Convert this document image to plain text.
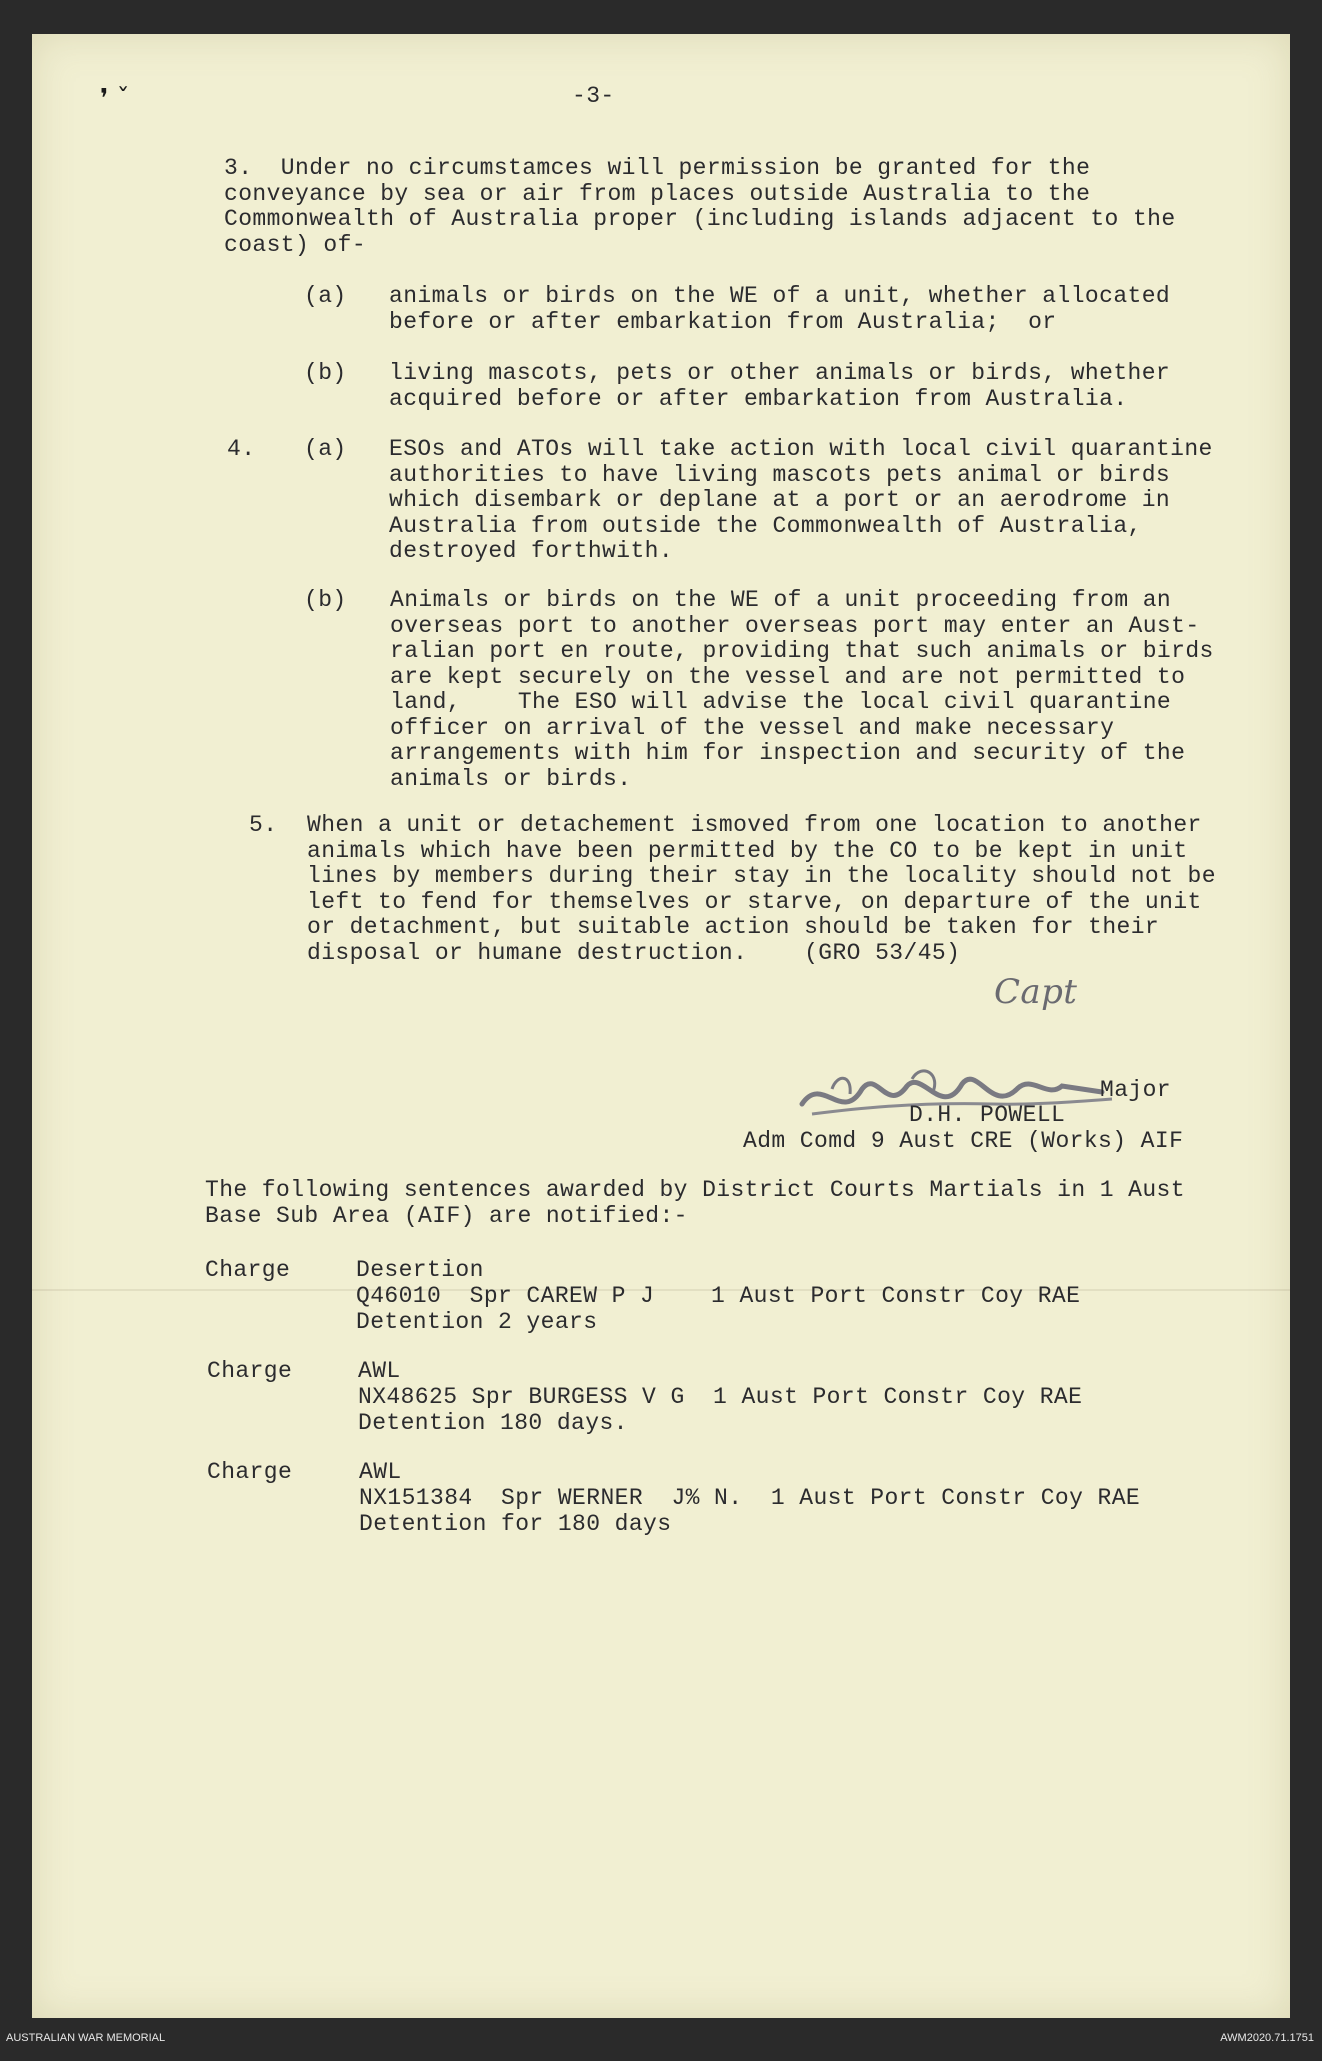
❜ ˇ	-3-
3.  Under no circumstamces will permission be granted for the
conveyance by sea or air from places outside Australia to the
Commonwealth of Australia proper (including islands adjacent to the
coast) of-
(a) animals or birds on the WE of a unit, whether allocated
before or after embarkation from Australia;  or
(b) living mascots, pets or other animals or birds, whether
acquired before or after embarkation from Australia.
4. (a) ESOs and ATOs will take action with local civil quarantine
authorities to have living mascots pets animal or birds
which disembark or deplane at a port or an aerodrome in
Australia from outside the Commonwealth of Australia,
destroyed forthwith.
(b) Animals or birds on the WE of a unit proceeding from an
overseas port to another overseas port may enter an Aust-
ralian port en route, providing that such animals or birds
are kept securely on the vessel and are not permitted to
land,    The ESO will advise the local civil quarantine
officer on arrival of the vessel and make necessary
arrangements with him for inspection and security of the
animals or birds.
5. When a unit or detachement ismoved from one location to another
animals which have been permitted by the CO to be kept in unit
lines by members during their stay in the locality should not be
left to fend for themselves or starve, on departure of the unit
or detachment, but suitable action should be taken for their
disposal or humane destruction.    (GRO 53/45)
Capt
Major
D.H. POWELL
Adm Comd 9 Aust CRE (Works) AIF
The following sentences awarded by District Courts Martials in 1 Aust
Base Sub Area (AIF) are notified:-
Charge	Desertion
Q46010  Spr CAREW P J    1 Aust Port Constr Coy RAE
Detention 2 years
Charge	AWL
NX48625 Spr BURGESS V G  1 Aust Port Constr Coy RAE
Detention 180 days.
Charge	AWL
NX151384  Spr WERNER  J% N.  1 Aust Port Constr Coy RAE
Detention for 180 days
AUSTRALIAN WAR MEMORIAL	AWM2020.71.1751
